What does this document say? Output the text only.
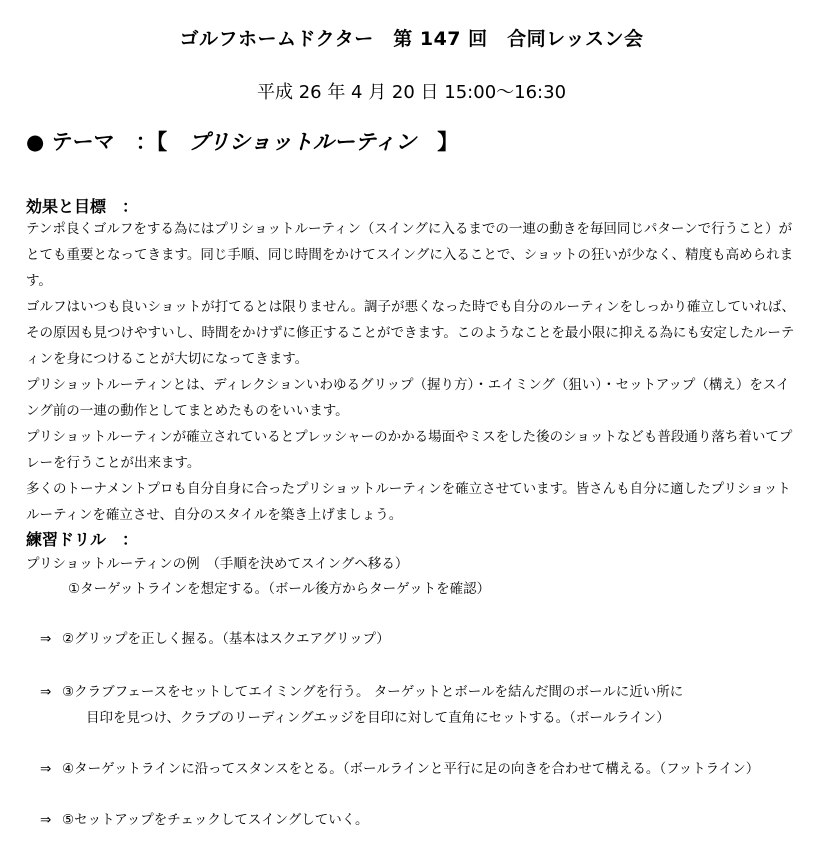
ゴルフホームドクター　第 147 回　合同レッスン会
平成 26 年 4 月 20 日 15:00～16:30
● テーマ　：【　プリショットルーティン　】
効果と目標　：

テンポ良くゴルフをする為にはプリショットルーティン（スイングに入るまでの一連の動きを毎回同じパターンで行うこと）がとても重要となってきます。同じ手順、同じ時間をかけてスイングに入ることで、ショットの狂いが少なく、精度も高められます。

ゴルフはいつも良いショットが打てるとは限りません。調子が悪くなった時でも自分のルーティンをしっかり確立していれば、その原因も見つけやすいし、時間をかけずに修正することができます。このようなことを最小限に抑える為にも安定したルーティンを身につけることが大切になってきます。

プリショットルーティンとは、ディレクションいわゆるグリップ（握り方）・エイミング（狙い）・セットアップ（構え）をスイング前の一連の動作としてまとめたものをいいます。

プリショットルーティンが確立されているとプレッシャーのかかる場面やミスをした後のショットなども普段通り落ち着いてプレーを行うことが出来ます。

多くのトーナメントプロも自分自身に合ったプリショットルーティンを確立させています。皆さんも自分に適したプリショットルーティンを確立させ、自分のスタイルを築き上げましょう。

練習ドリル　：
プリショットルーティンの例　（手順を決めてスイングへ移る）
①ターゲットラインを想定する。（ボール後方からターゲットを確認）
⇒ ②グリップを正しく握る。（基本はスクエアグリップ）
⇒ ③クラブフェースをセットしてエイミングを行う。 ターゲットとボールを結んだ間のボールに近い所に
目印を見つけ、クラブのリーディングエッジを目印に対して直角にセットする。（ボールライン）
⇒ ④ターゲットラインに沿ってスタンスをとる。（ボールラインと平行に足の向きを合わせて構える。（フットライン）
⇒ ⑤セットアップをチェックしてスイングしていく。
